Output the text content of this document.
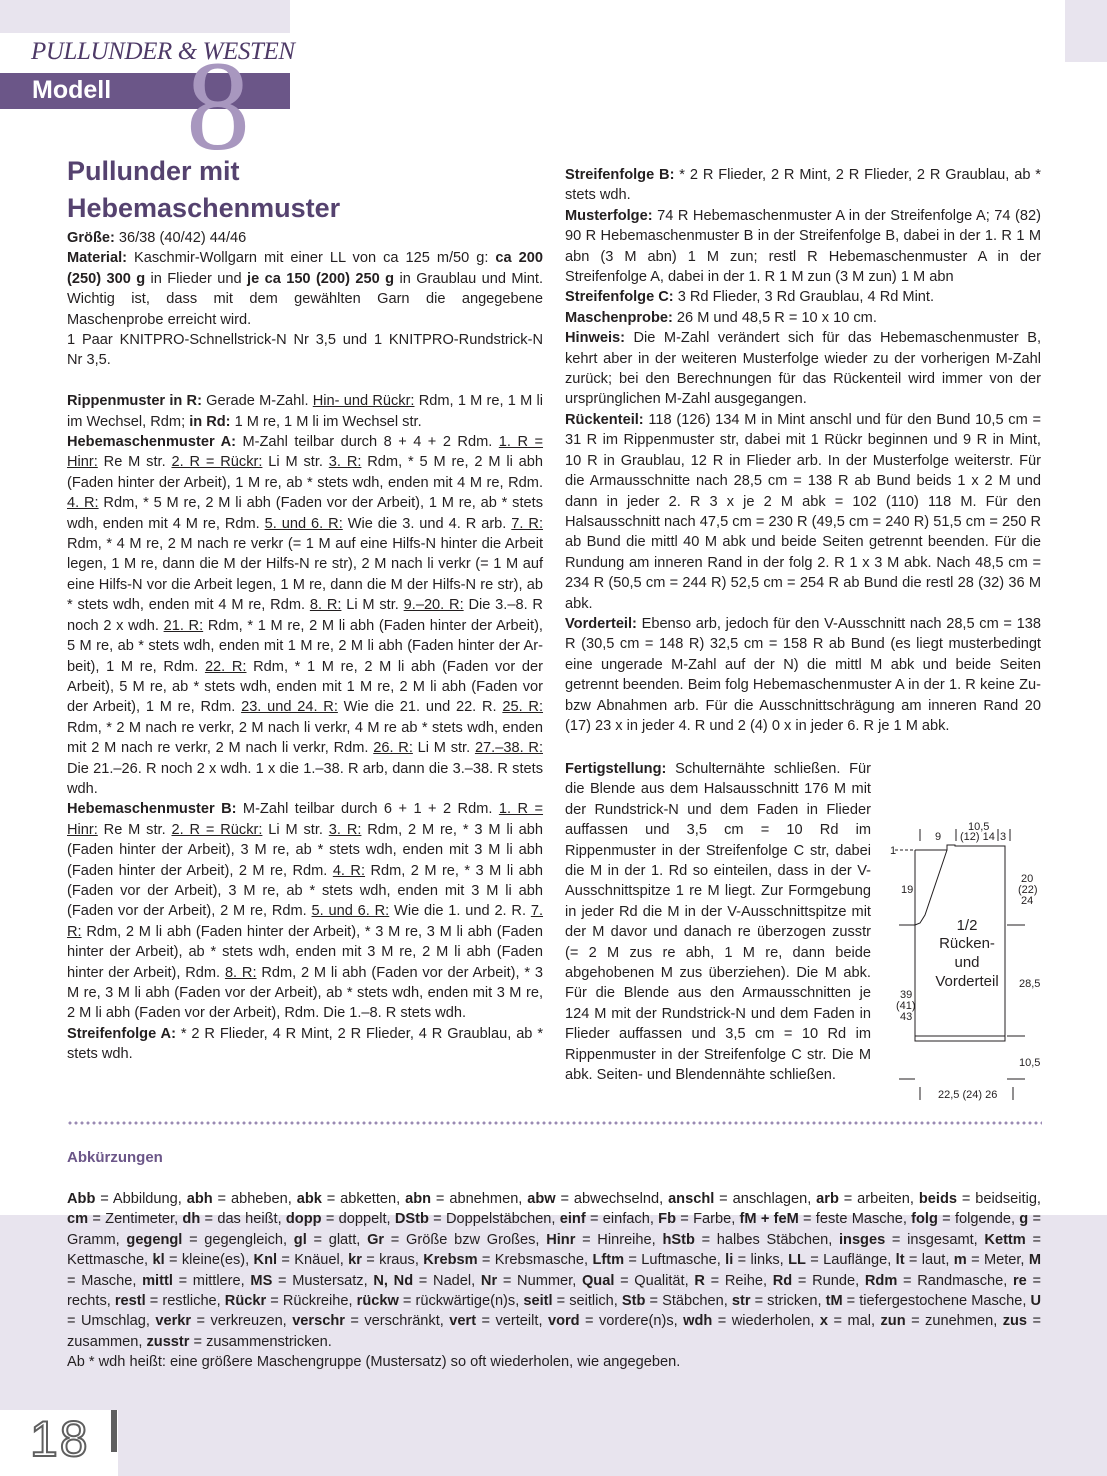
PULLUNDER & WESTEN
Modell 8
Pullunder mit
Hebemaschenmuster

Größe: 36/38 (40/42) 44/46

Material: Kaschmir-Wollgarn mit einer LL von ca 125 m/50 g: ca 200 (250) 300 g in Flieder und je ca 150 (200) 250 g in Graublau und Mint. Wichtig ist, dass mit dem gewählten Garn die angegebene Maschenprobe erreicht wird.

1 Paar KNITPRO-Schnellstrick-N Nr 3,5 und 1 KNITPRO-Rundstrick-N Nr 3,5.

Rippenmuster in R: Gerade M-Zahl. Hin- und Rückr: Rdm, 1 M re, 1 M li im Wechsel, Rdm; in Rd: 1 M re, 1 M li im Wechsel str.

Hebemaschenmuster A: M-Zahl teilbar durch 8 + 4 + 2 Rdm. 1. R = Hinr: Re M str. 2. R = Rückr: Li M str. 3. R: Rdm, * 5 M re, 2 M li abh (Faden hinter der Arbeit), 1 M re, ab * stets wdh, enden mit 4 M re, Rdm. 4. R: Rdm, * 5 M re, 2 M li abh (Faden vor der Arbeit), 1 M re, ab * stets wdh, enden mit 4 M re, Rdm. 5. und 6. R: Wie die 3. und 4. R arb. 7. R: Rdm, * 4 M re, 2 M nach re verkr (= 1 M auf eine Hilfs-N hinter die Arbeit legen, 1 M re, dann die M der Hilfs-N re str), 2 M nach li verkr (= 1 M auf eine Hilfs-N vor die Arbeit legen, 1 M re, dann die M der Hilfs-N re str), ab * stets wdh, enden mit 4 M re, Rdm. 8. R: Li M str. 9.–20. R: Die 3.–8. R noch 2 x wdh. 21. R: Rdm, * 1 M re, 2 M li abh (Faden hinter der Arbeit), 5 M re, ab * stets wdh, enden mit 1 M re, 2 M li abh (Faden hinter der Arbeit), 1 M re, Rdm. 22. R: Rdm, * 1 M re, 2 M li abh (Faden vor der Arbeit), 5 M re, ab * stets wdh, enden mit 1 M re, 2 M li abh (Faden vor der Arbeit), 1 M re, Rdm. 23. und 24. R: Wie die 21. und 22. R. 25. R: Rdm, * 2 M nach re verkr, 2 M nach li verkr, 4 M re ab * stets wdh, enden mit 2 M nach re verkr, 2 M nach li verkr, Rdm. 26. R: Li M str. 27.–38. R: Die 21.–26. R noch 2 x wdh. 1 x die 1.–38. R arb, dann die 3.–38. R stets wdh.

Hebemaschenmuster B: M-Zahl teilbar durch 6 + 1 + 2 Rdm. 1. R = Hinr: Re M str. 2. R = Rückr: Li M str. 3. R: Rdm, 2 M re, * 3 M li abh (Faden hinter der Arbeit), 3 M re, ab * stets wdh, enden mit 3 M li abh (Faden hinter der Arbeit), 2 M re, Rdm. 4. R: Rdm, 2 M re, * 3 M li abh (Faden vor der Arbeit), 3 M re, ab * stets wdh, enden mit 3 M li abh (Faden vor der Arbeit), 2 M re, Rdm. 5. und 6. R: Wie die 1. und 2. R. 7. R: Rdm, 2 M li abh (Faden hinter der Arbeit), * 3 M re, 3 M li abh (Faden hinter der Arbeit), ab * stets wdh, enden mit 3 M re, 2 M li abh (Faden hinter der Arbeit), Rdm. 8. R: Rdm, 2 M li abh (Faden vor der Arbeit), * 3 M re, 3 M li abh (Faden vor der Arbeit), ab * stets wdh, enden mit 3 M re, 2 M li abh (Faden vor der Arbeit), Rdm. Die 1.–8. R stets wdh.

Streifenfolge A: * 2 R Flieder, 4 R Mint, 2 R Flieder, 4 R Graublau, ab * stets wdh.

Streifenfolge B: * 2 R Flieder, 2 R Mint, 2 R Flieder, 2 R Graublau, ab * stets wdh.

Musterfolge: 74 R Hebemaschenmuster A in der Streifenfolge A; 74 (82) 90 R Hebemaschenmuster B in der Streifenfolge B, dabei in der 1. R 1 M abn (3 M abn) 1 M zun; restl R Hebemaschenmuster A in der Streifenfolge A, dabei in der 1. R 1 M zun (3 M zun) 1 M abn

Streifenfolge C: 3 Rd Flieder, 3 Rd Graublau, 4 Rd Mint.

Maschenprobe: 26 M und 48,5 R = 10 x 10 cm.

Hinweis: Die M-Zahl verändert sich für das Hebemaschenmuster B, kehrt aber in der weiteren Musterfolge wieder zu der vorherigen M-Zahl zurück; bei den Berechnungen für das Rückenteil wird immer von der ursprünglichen M-Zahl ausgegangen.

Rückenteil: 118 (126) 134 M in Mint anschl und für den Bund 10,5 cm = 31 R im Rippenmuster str, dabei mit 1 Rückr beginnen und 9 R in Mint, 10 R in Graublau, 12 R in Flieder arb. In der Musterfolge weiterstr. Für die Armausschnitte nach 28,5 cm = 138 R ab Bund beids 1 x 2 M und dann in jeder 2. R 3 x je 2 M abk = 102 (110) 118 M. Für den Halsausschnitt nach 47,5 cm = 230 R (49,5 cm = 240 R) 51,5 cm = 250 R ab Bund die mittl 40 M abk und beide Seiten getrennt beenden. Für die Rundung am inneren Rand in der folg 2. R 1 x 3 M abk. Nach 48,5 cm = 234 R (50,5 cm = 244 R) 52,5 cm = 254 R ab Bund die restl 28 (32) 36 M abk.

Vorderteil: Ebenso arb, jedoch für den V-Ausschnitt nach 28,5 cm = 138 R (30,5 cm = 148 R) 32,5 cm = 158 R ab Bund (es liegt musterbedingt eine ungerade M-Zahl auf der N) die mittl M abk und beide Seiten getrennt beenden. Beim folg Hebemaschenmuster A in der 1. R keine Zu- bzw Abnahmen arb. Für die Ausschnittschrägung am inneren Rand 20 (17) 23 x in jeder 4. R und 2 (4) 0 x in jeder 6. R je 1 M abk.

Fertigstellung: Schulternähte schließen. Für die Blende aus dem Halsausschnitt 176 M mit der Rundstrick-N und dem Faden in Flieder auffassen und 3,5 cm = 10 Rd im Rippenmuster in der Streifenfolge C str, dabei die M in der 1. Rd so einteilen, dass in der V-Ausschnittspitze 1 re M liegt. Zur Formgebung in jeder Rd die M in der V-Ausschnittspitze mit der M davor und danach re überzogen zusstr (= 2 M zus re abh, 1 M re, dann beide abgehobenen M zus überziehen). Die M abk. Für die Blende aus den Armausschnitten je 124 M mit der Rundstrick-N und dem Faden in Flieder auffassen und 3,5 cm = 10 Rd im Rippenmuster in der Streifenfolge C str. Die M abk. Seiten- und Blendennähte schließen.

9
10,5
(12) 14 3
1
19
39
(41)
43
20
(22)
24
28,5
10,5
22,5 (24) 26
1/2
Rücken-
und
Vorderteil
Abkürzungen
Abb = Abbildung, abh = abheben, abk = abketten, abn = abnehmen, abw = abwechselnd, anschl = anschlagen, arb = arbeiten, beids = beidseitig, cm = Zentimeter, dh = das heißt, dopp = doppelt, DStb = Doppelstäbchen, einf = einfach, Fb = Farbe, fM + feM = feste Masche, folg = folgende, g = Gramm, gegengl = gegengleich, gl = glatt, Gr = Größe bzw Großes, Hinr = Hinreihe, hStb = halbes Stäbchen, insges = insgesamt, Kettm = Kettmasche, kl = kleine(es), Knl = Knäuel, kr = kraus, Krebsm = Krebsmasche, Lftm = Luftmasche, li = links, LL = Lauflänge, lt = laut, m = Meter, M = Masche, mittl = mittlere, MS = Mustersatz, N, Nd = Nadel, Nr = Nummer, Qual = Qualität, R = Reihe, Rd = Runde, Rdm = Randmasche, re = rechts, restl = restliche, Rückr = Rückreihe, rückw = rückwärtige(n)s, seitl = seitlich, Stb = Stäbchen, str = stricken, tM = tiefergestochene Masche, U = Umschlag, verkr = verkreuzen, verschr = verschränkt, vert = verteilt, vord = vordere(n)s, wdh = wiederholen, x = mal, zun = zunehmen, zus = zusammen, zusstr = zusammenstricken.
Ab * wdh heißt: eine größere Maschengruppe (Mustersatz) so oft wiederholen, wie angegeben.
18
